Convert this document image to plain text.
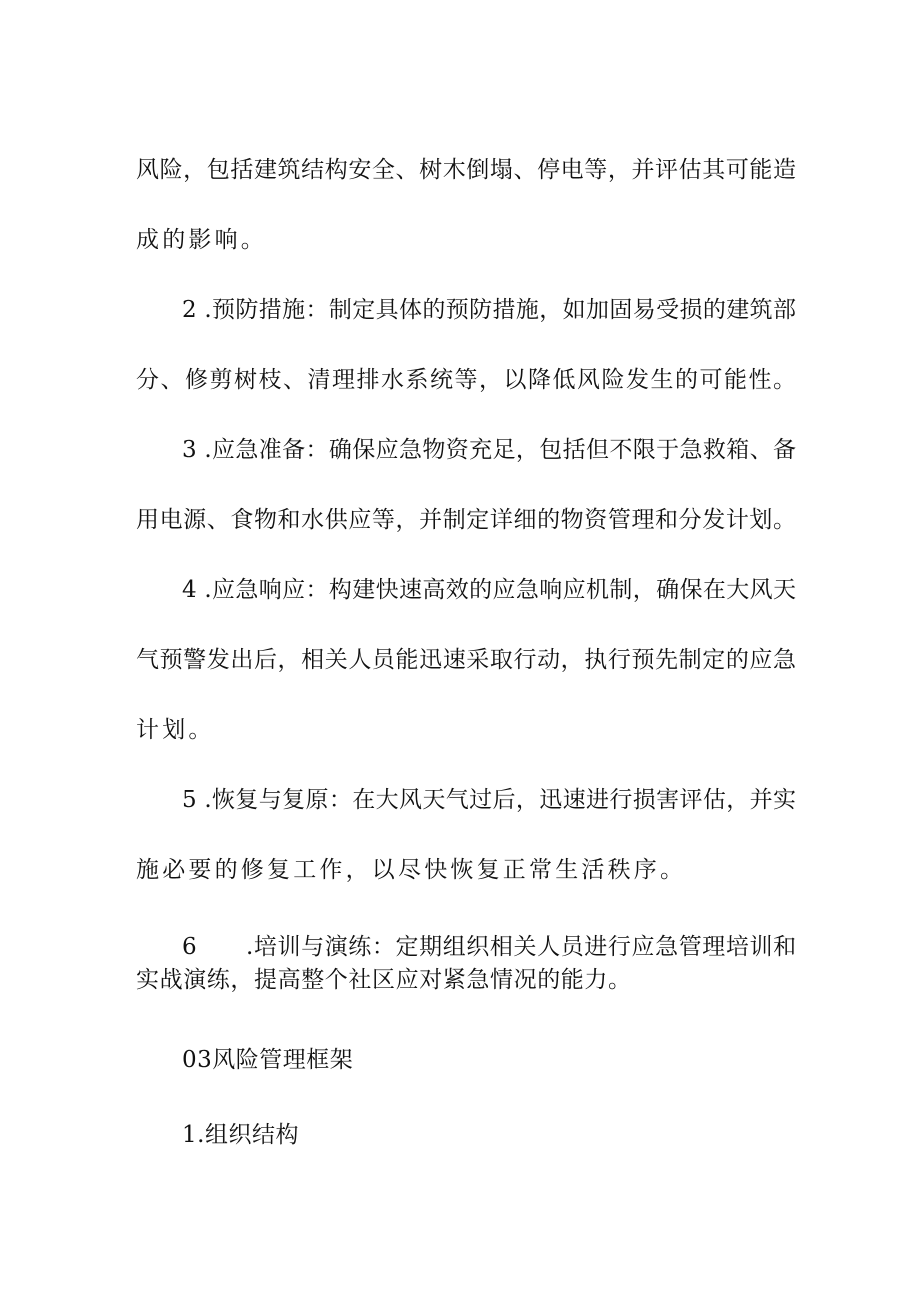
风险，包括建筑结构安全、树木倒塌、停电等，并评估其可能造
成的影响。
2 .预防措施：制定具体的预防措施，如加固易受损的建筑部
分、修剪树枝、清理排水系统等，以降低风险发生的可能性。
3 .应急准备：确保应急物资充足，包括但不限于急救箱、备
用电源、食物和水供应等，并制定详细的物资管理和分发计划。
4 .应急响应：构建快速高效的应急响应机制，确保在大风天
气预警发出后，相关人员能迅速采取行动，执行预先制定的应急
计划。
5 .恢复与复原：在大风天气过后，迅速进行损害评估，并实
施必要的修复工作，以尽快恢复正常生活秩序。
6 .培训与演练：定期组织相关人员进行应急管理培训和
实战演练，提高整个社区应对紧急情况的能力。
03风险管理框架
1.组织结构
